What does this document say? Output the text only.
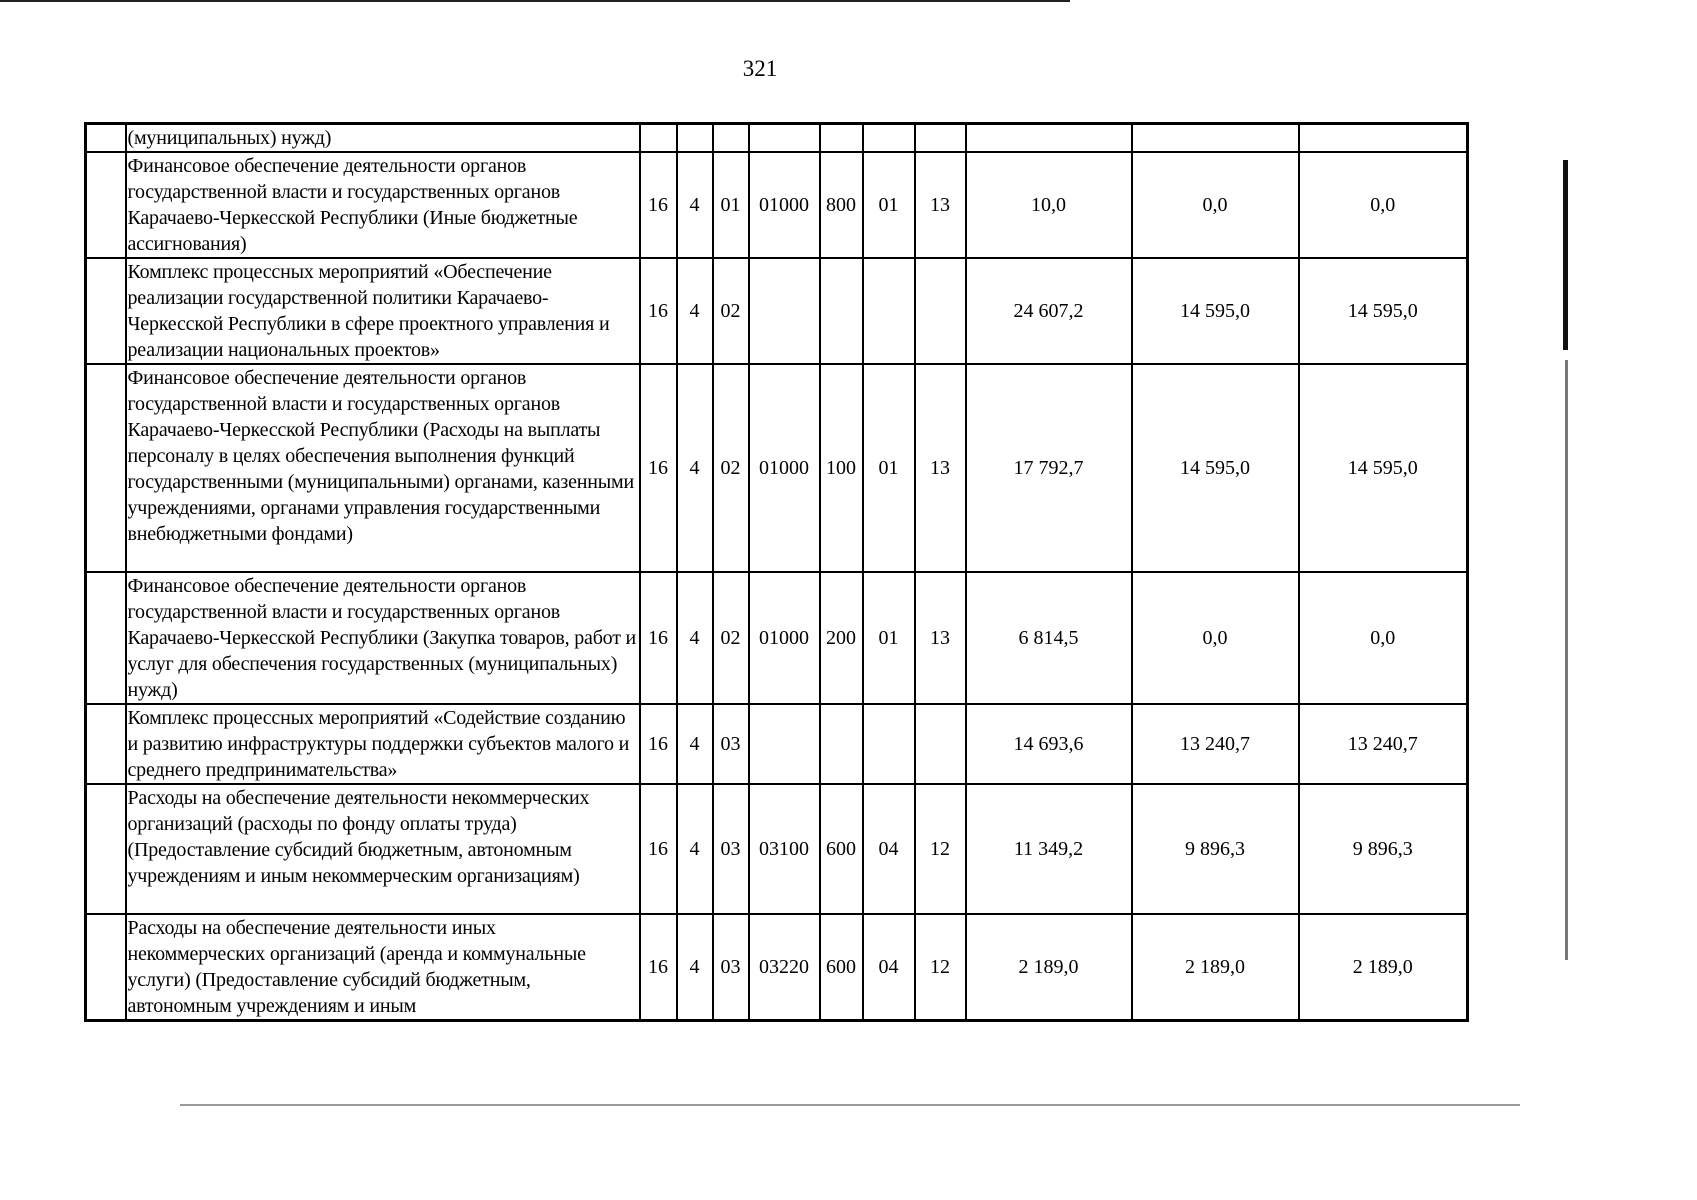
321
	(муниципальных) нужд)										
	Финансовое обеспечение деятельности органов государственной власти и государственных органов Карачаево-Черкесской Республики (Иные бюджетные ассигнования)	16	4	01	01000	800	01	13	10,0	0,0	0,0
	Комплекс процессных мероприятий «Обеспечение реализации государственной политики Карачаево-Черкесской Республики в сфере проектного управления и реализации национальных проектов»	16	4	02					24 607,2	14 595,0	14 595,0
	Финансовое обеспечение деятельности органов государственной власти и государственных органов Карачаево-Черкесской Республики (Расходы на выплаты персоналу в целях обеспечения выполнения функций государственными (муниципальными) органами, казенными учреждениями, органами управления государственными внебюджетными фондами)	16	4	02	01000	100	01	13	17 792,7	14 595,0	14 595,0
	Финансовое обеспечение деятельности органов государственной власти и государственных органов Карачаево-Черкесской Республики (Закупка товаров, работ и услуг для обеспечения государственных (муниципальных) нужд)	16	4	02	01000	200	01	13	6 814,5	0,0	0,0
	Комплекс процессных мероприятий «Содействие созданию и развитию инфраструктуры поддержки субъектов малого и среднего предпринимательства»	16	4	03					14 693,6	13 240,7	13 240,7
	Расходы на обеспечение деятельности некоммерческих организаций (расходы по фонду оплаты труда) (Предоставление субсидий бюджетным, автономным учреждениям и иным некоммерческим организациям)	16	4	03	03100	600	04	12	11 349,2	9 896,3	9 896,3
	Расходы на обеспечение деятельности иных некоммерческих организаций (аренда и коммунальные услуги) (Предоставление субсидий бюджетным, автономным учреждениям и иным	16	4	03	03220	600	04	12	2 189,0	2 189,0	2 189,0
